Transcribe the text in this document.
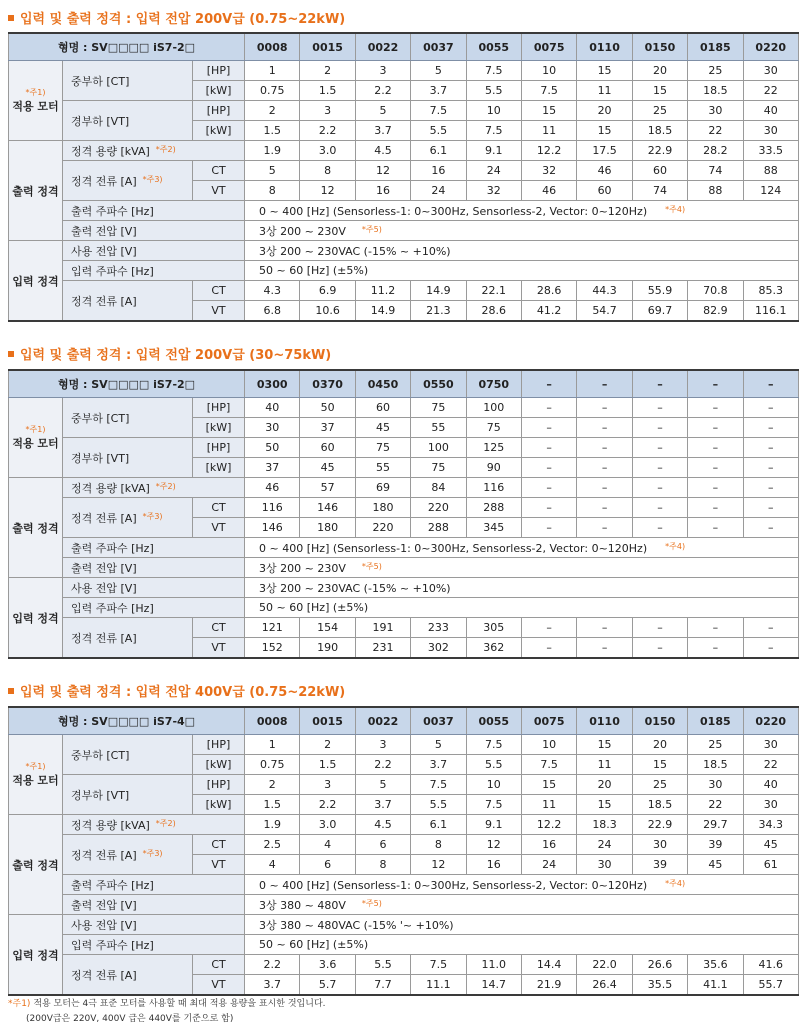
입력 및 출력 정격 : 입력 전압 200V급 (0.75~22kW)
형명 : SV□□□□ iS7-2□			0008	0015	0022	0037	0055	0075	0110	0150	0185	0220

*주1)
적용 모터	중부하 [CT]	[HP]	1	2	3	5	7.5	10	15	20	25	30
		[kW]	0.75	1.5	2.2	3.7	5.5	7.5	11	15	18.5	22
	경부하 [VT]	[HP]	2	3	5	7.5	10	15	20	25	30	40
		[kW]	1.5	2.2	3.7	5.5	7.5	11	15	18.5	22	30
출력 정격	정격 용량 [kVA] $^{*주2)}$		1.9	3.0	4.5	6.1	9.1	12.2	17.5	22.9	28.2	33.5
	정격 전류 [A] $^{*주3)}$	CT	5	8	12	16	24	32	46	60	74	88
		VT	8	12	16	24	32	46	60	74	88	124
	출력 주파수 [Hz]		0 ~ 400 [Hz] (Sensorless-1: 0~300Hz, Sensorless-2, Vector: 0~120Hz) $^{*주4)}$
	출력 전압 [V]		3상 200 ~ 230V $^{*주5)}$
입력 정격	사용 전압 [V]		3상 200 ~ 230VAC (-15% ~ +10%)									
	입력 주파수 [Hz]		50 ~ 60 [Hz] (±5%)									
	정격 전류 [A]	CT	4.3	6.9	11.2	14.9	22.1	28.6	44.3	55.9	70.8	85.3
		VT	6.8	10.6	14.9	21.3	28.6	41.2	54.7	69.7	82.9	116.1
입력 및 출력 정격 : 입력 전압 200V급 (30~75kW)
형명 : SV□□□□ iS7-2□			0300	0370	0450	0550	0750	–	–	–	–	–

*주1)
적용 모터	중부하 [CT]	[HP]	40	50	60	75	100	–	–	–	–	–
		[kW]	30	37	45	55	75	–	–	–	–	–
	경부하 [VT]	[HP]	50	60	75	100	125	–	–	–	–	–
		[kW]	37	45	55	75	90	–	–	–	–	–
출력 정격	정격 용량 [kVA] $^{*주2)}$		46	57	69	84	116	–	–	–	–	–
	정격 전류 [A] $^{*주3)}$	CT	116	146	180	220	288	–	–	–	–	–
		VT	146	180	220	288	345	–	–	–	–	–
	출력 주파수 [Hz]		0 ~ 400 [Hz] (Sensorless-1: 0~300Hz, Sensorless-2, Vector: 0~120Hz) $^{*주4)}$
	출력 전압 [V]		3상 200 ~ 230V $^{*주5)}$
입력 정격	사용 전압 [V]		3상 200 ~ 230VAC (-15% ~ +10%)									
	입력 주파수 [Hz]		50 ~ 60 [Hz] (±5%)									
	정격 전류 [A]	CT	121	154	191	233	305	–	–	–	–	–
		VT	152	190	231	302	362	–	–	–	–	–
입력 및 출력 정격 : 입력 전압 400V급 (0.75~22kW)
형명 : SV□□□□ iS7-4□			0008	0015	0022	0037	0055	0075	0110	0150	0185	0220

*주1)
적용 모터	중부하 [CT]	[HP]	1	2	3	5	7.5	10	15	20	25	30
		[kW]	0.75	1.5	2.2	3.7	5.5	7.5	11	15	18.5	22
	경부하 [VT]	[HP]	2	3	5	7.5	10	15	20	25	30	40
		[kW]	1.5	2.2	3.7	5.5	7.5	11	15	18.5	22	30
출력 정격	정격 용량 [kVA] $^{*주2)}$		1.9	3.0	4.5	6.1	9.1	12.2	18.3	22.9	29.7	34.3
	정격 전류 [A] $^{*주3)}$	CT	2.5	4	6	8	12	16	24	30	39	45
		VT	4	6	8	12	16	24	30	39	45	61
	출력 주파수 [Hz]		0 ~ 400 [Hz] (Sensorless-1: 0~300Hz, Sensorless-2, Vector: 0~120Hz) $^{*주4)}$
	출력 전압 [V]		3상 380 ~ 480V $^{*주5)}$
입력 정격	사용 전압 [V]		3상 380 ~ 480VAC (-15% '~ +10%)									
	입력 주파수 [Hz]		50 ~ 60 [Hz] (±5%)									
	정격 전류 [A]	CT	2.2	3.6	5.5	7.5	11.0	14.4	22.0	26.6	35.6	41.6
		VT	3.7	5.7	7.7	11.1	14.7	21.9	26.4	35.5	41.1	55.7
*주1) 적용 모터는 4극 표준 모터를 사용할 때 최대 적용 용량을 표시한 것입니다.
(200V급은 220V, 400V 급은 440V를 기준으로 함)
